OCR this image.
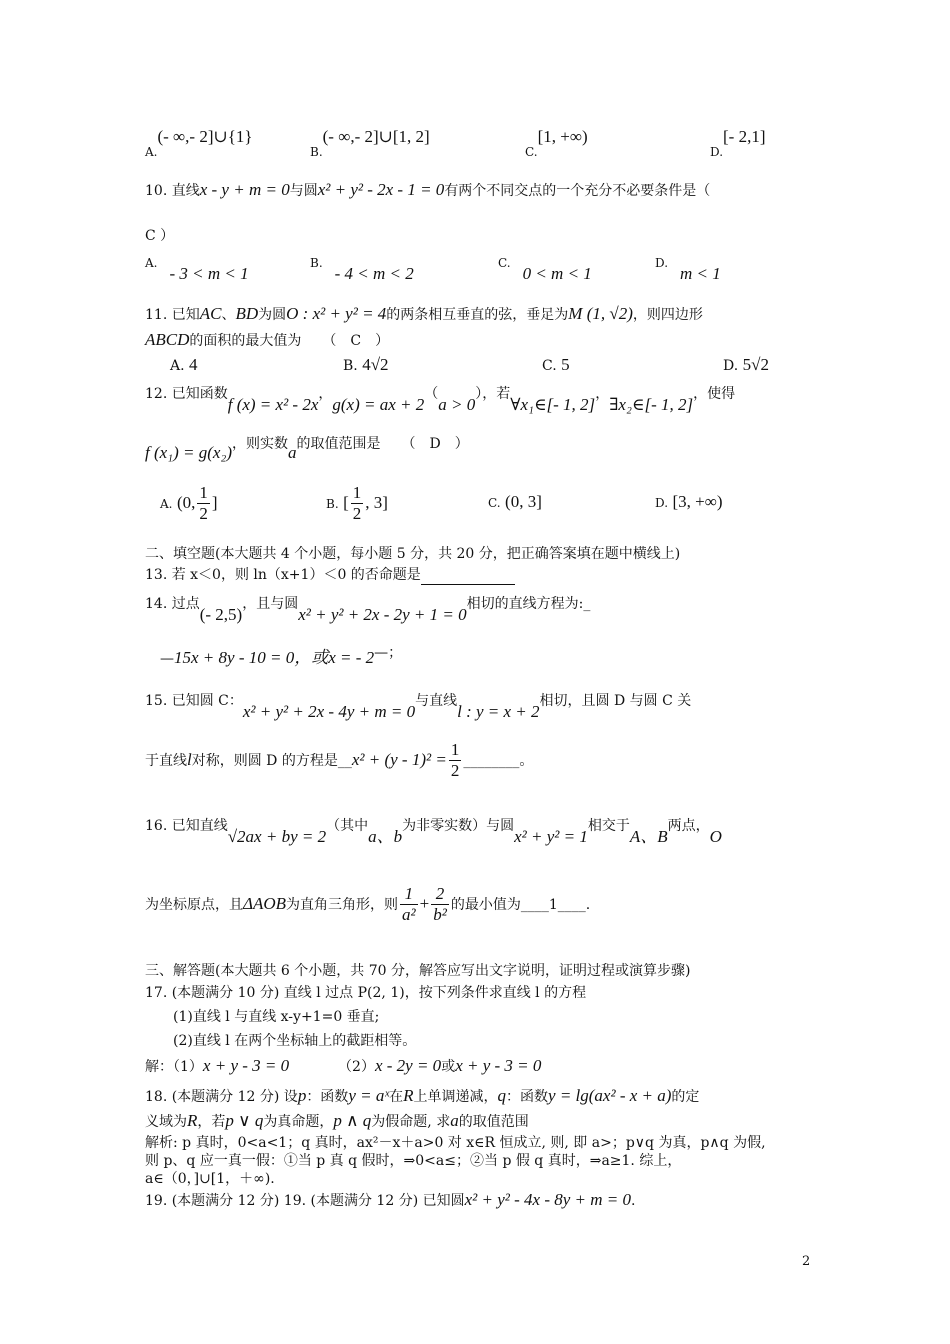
A.(- ∞,- 2]∪{1}
B.(- ∞,- 2]∪[1, 2]
C.[1, +∞)
D.[- 2,1]
10. 直线x - y + m = 0与圆x² + y² - 2x - 1 = 0有两个不同交点的一个充分不必要条件是（
C ）
A.- 3 < m < 1
B.- 4 < m < 2
C.0 < m < 1
D.m < 1
11. 已知AC、BD为圆O : x² + y² = 4的两条相互垂直的弦，垂足为M (1, √2)，则四边形
ABCD的面积的最大值为　　（　C　）
A. 4	B. 4√2	C. 5	D. 5√2
12. 已知函数f (x) = x² - 2x，g(x) = ax + 2（a > 0），若∀x₁∈[- 1, 2]，∃x₂∈[- 1, 2]，使得
f (x₁) = g(x₂)，则实数a的取值范围是　　（　D　）
A. (0, $\frac{1}{2}$ ]	B. [ $\frac{1}{2}$ , 3]	C. (0, 3]	D. [3, +∞)
二、填空题(本大题共 4 个小题，每小题 5 分，共 20 分，把正确答案填在题中横线上)
13. 若 x＜0，则 ln（x+1）＜0 的否命题是
14. 过点(- 2,5)，且与圆x² + y² + 2x - 2y + 1 = 0相切的直线方程为:_
—15x + 8y - 10 = 0，或x = - 2—；
15. 已知圆 C：x² + y² + 2x - 4y + m = 0与直线l : y = x + 2相切，且圆 D 与圆 C 关
于直线l对称，则圆 D 的方程是__x² + $(y - 1)^2 = \frac{1}{2}$ ________。
16. 已知直线√2ax + by = 2（其中a、b为非零实数）与圆x² + y² = 1相交于A、B两点，O
为坐标原点，且ΔAOB为直角三角形，则 $\frac{1}{\text{a²}} + \frac{2}{\text{b²}}$ 的最小值为____1____.
三、解答题(本大题共 6 个小题，共 70 分，解答应写出文字说明，证明过程或演算步骤)
17. (本题满分 10 分) 直线 l 过点 P(2, 1)，按下列条件求直线 l 的方程
(1)直线 l 与直线 x-y+1=0 垂直;
(2)直线 l 在两个坐标轴上的截距相等。
解：（1）x + y - 3 = 0	（2）x - 2y = 0或x + y - 3 = 0
18. (本题满分 12 分) 设p：函数y = aˣ在R上单调递减，q：函数y = lg(ax² - x + a)的定
义域为R，若p ∨ q为真命题，p ∧ q为假命题, 求a的取值范围
解析: p 真时，0<a<1；q 真时，ax²－x＋a>0 对 x∈R 恒成立, 则, 即 a>；p∨q 为真，p∧q 为假,
则 p、q 应一真一假：①当 p 真 q 假时，⇒0<a≤；②当 p 假 q 真时，⇒a≥1. 综上，
a∈（0，]∪[1，＋∞).
19. (本题满分 12 分) 19. (本题满分 12 分) 已知圆x² + y² - 4x - 8y + m = 0.
2
